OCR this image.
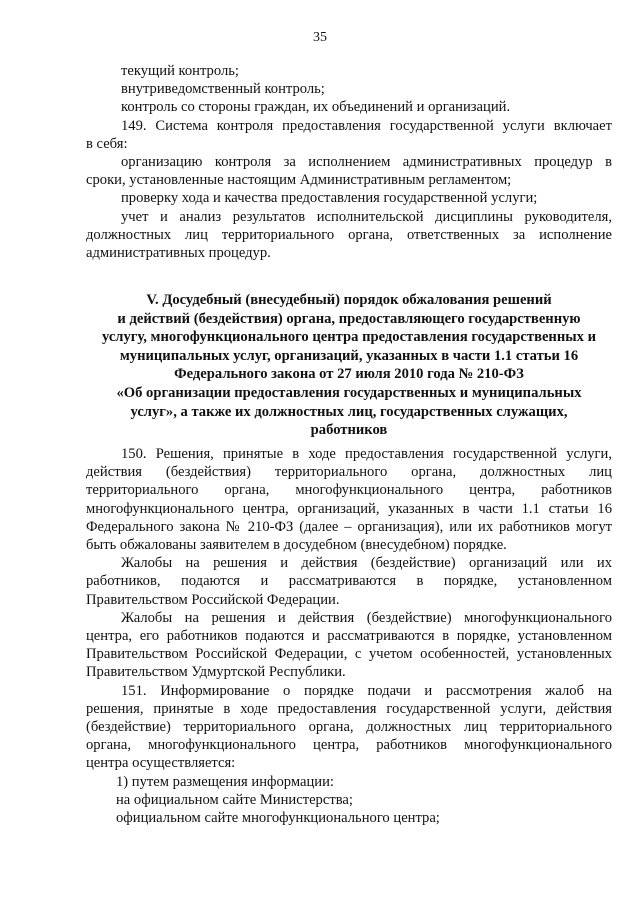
35
текущий контроль;
внутриведомственный контроль;
контроль со стороны граждан, их объединений и организаций.
149. Система контроля предоставления государственной услуги включает
в себя:
организацию контроля за исполнением административных процедур в
сроки, установленные настоящим Административным регламентом;
проверку хода и качества предоставления государственной услуги;
учет и анализ результатов исполнительской дисциплины руководителя,
должностных лиц территориального органа, ответственных за исполнение
административных процедур.
V. Досудебный (внесудебный) порядок обжалования решений
и действий (бездействия) органа, предоставляющего государственную
услугу, многофункционального центра предоставления государственных и
муниципальных услуг, организаций, указанных в части 1.1 статьи 16
Федерального закона от 27 июля 2010 года № 210-ФЗ
«Об организации предоставления государственных и муниципальных
услуг», а также их должностных лиц, государственных служащих,
работников
150. Решения, принятые в ходе предоставления государственной услуги,
действия (бездействия) территориального органа, должностных лиц
территориального органа, многофункционального центра, работников
многофункционального центра, организаций, указанных в части 1.1 статьи 16
Федерального закона № 210-ФЗ (далее – организация), или их работников могут
быть обжалованы заявителем в досудебном (внесудебном) порядке.
Жалобы на решения и действия (бездействие) организаций или их
работников, подаются и рассматриваются в порядке, установленном
Правительством Российской Федерации.
Жалобы на решения и действия (бездействие) многофункционального
центра, его работников подаются и рассматриваются в порядке, установленном
Правительством Российской Федерации, с учетом особенностей, установленных
Правительством Удмуртской Республики.
151. Информирование о порядке подачи и рассмотрения жалоб на
решения, принятые в ходе предоставления государственной услуги, действия
(бездействие) территориального органа, должностных лиц территориального
органа, многофункционального центра, работников многофункционального
центра осуществляется:
1) путем размещения информации:
на официальном сайте Министерства;
официальном сайте многофункционального центра;
